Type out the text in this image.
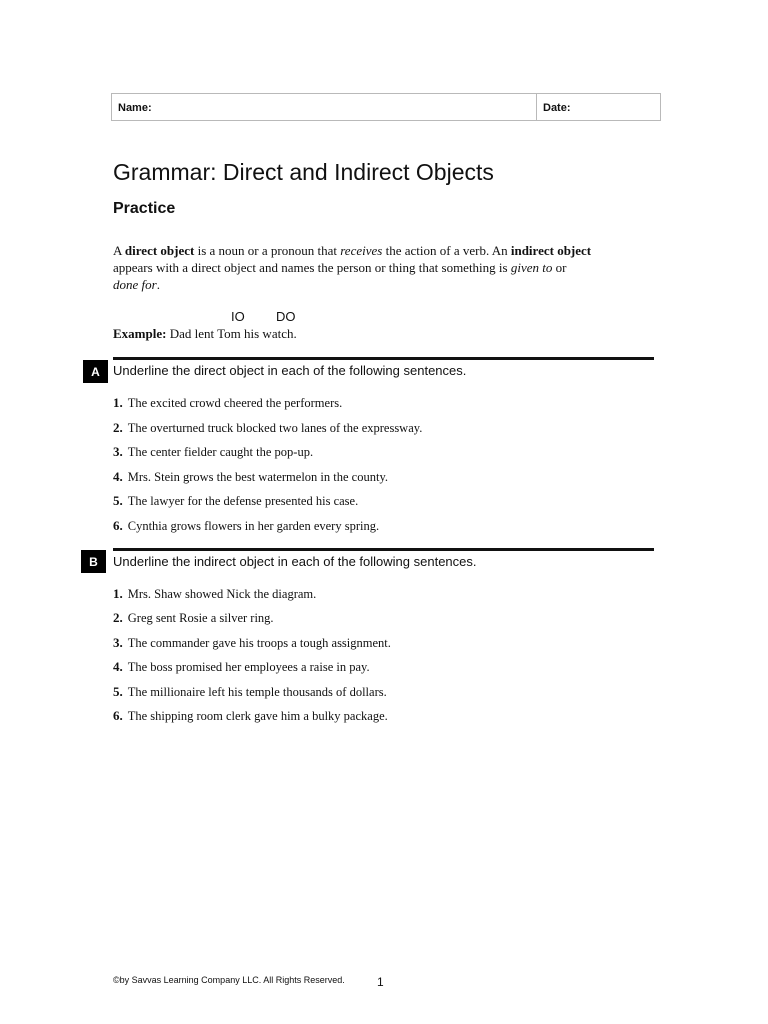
Name:	Date:
Grammar: Direct and Indirect Objects
Practice
A direct object is a noun or a pronoun that receives the action of a verb. An indirect object appears with a direct object and names the person or thing that something is given to or done for.
IO DO
Example: Dad lent Tom his watch.
A	Underline the direct object in each of the following sentences.
1. The excited crowd cheered the performers.
2. The overturned truck blocked two lanes of the expressway.
3. The center fielder caught the pop-up.
4. Mrs. Stein grows the best watermelon in the county.
5. The lawyer for the defense presented his case.
6. Cynthia grows flowers in her garden every spring.
B	Underline the indirect object in each of the following sentences.
1. Mrs. Shaw showed Nick the diagram.
2. Greg sent Rosie a silver ring.
3. The commander gave his troops a tough assignment.
4. The boss promised her employees a raise in pay.
5. The millionaire left his temple thousands of dollars.
6. The shipping room clerk gave him a bulky package.
©by Savvas Learning Company LLC. All Rights Reserved.	1
